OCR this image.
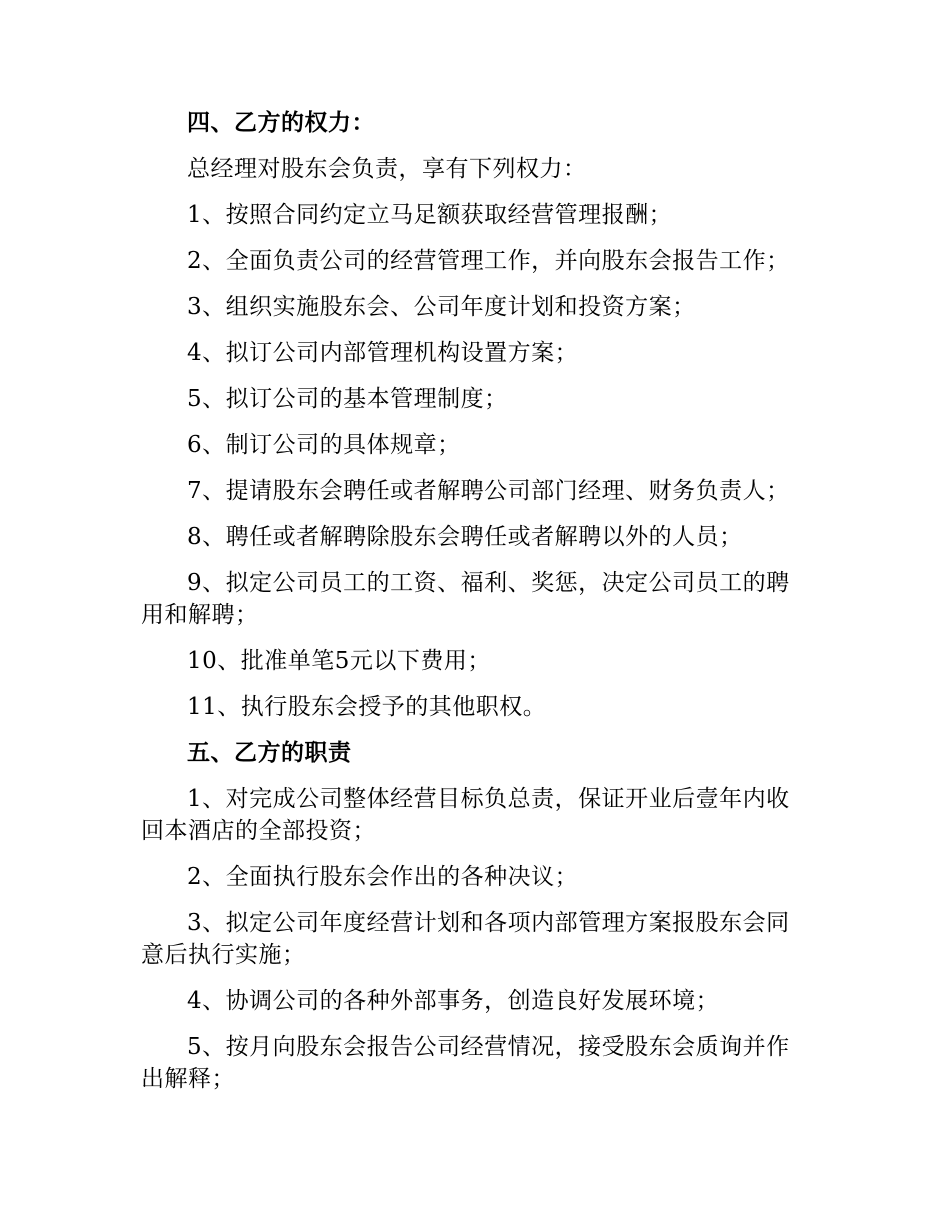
四、乙方的权力：
总经理对股东会负责，享有下列权力：
1、按照合同约定立马足额获取经营管理报酬；
2、全面负责公司的经营管理工作，并向股东会报告工作；
3、组织实施股东会、公司年度计划和投资方案；
4、拟订公司内部管理机构设置方案；
5、拟订公司的基本管理制度；
6、制订公司的具体规章；
7、提请股东会聘任或者解聘公司部门经理、财务负责人；
8、聘任或者解聘除股东会聘任或者解聘以外的人员；
9、拟定公司员工的工资、福利、奖惩，决定公司员工的聘用和解聘；
10、批准单笔5元以下费用；
11、执行股东会授予的其他职权。
五、乙方的职责
1、对完成公司整体经营目标负总责，保证开业后壹年内收回本酒店的全部投资；
2、全面执行股东会作出的各种决议；
3、拟定公司年度经营计划和各项内部管理方案报股东会同意后执行实施；
4、协调公司的各种外部事务，创造良好发展环境；
5、按月向股东会报告公司经营情况，接受股东会质询并作出解释；
